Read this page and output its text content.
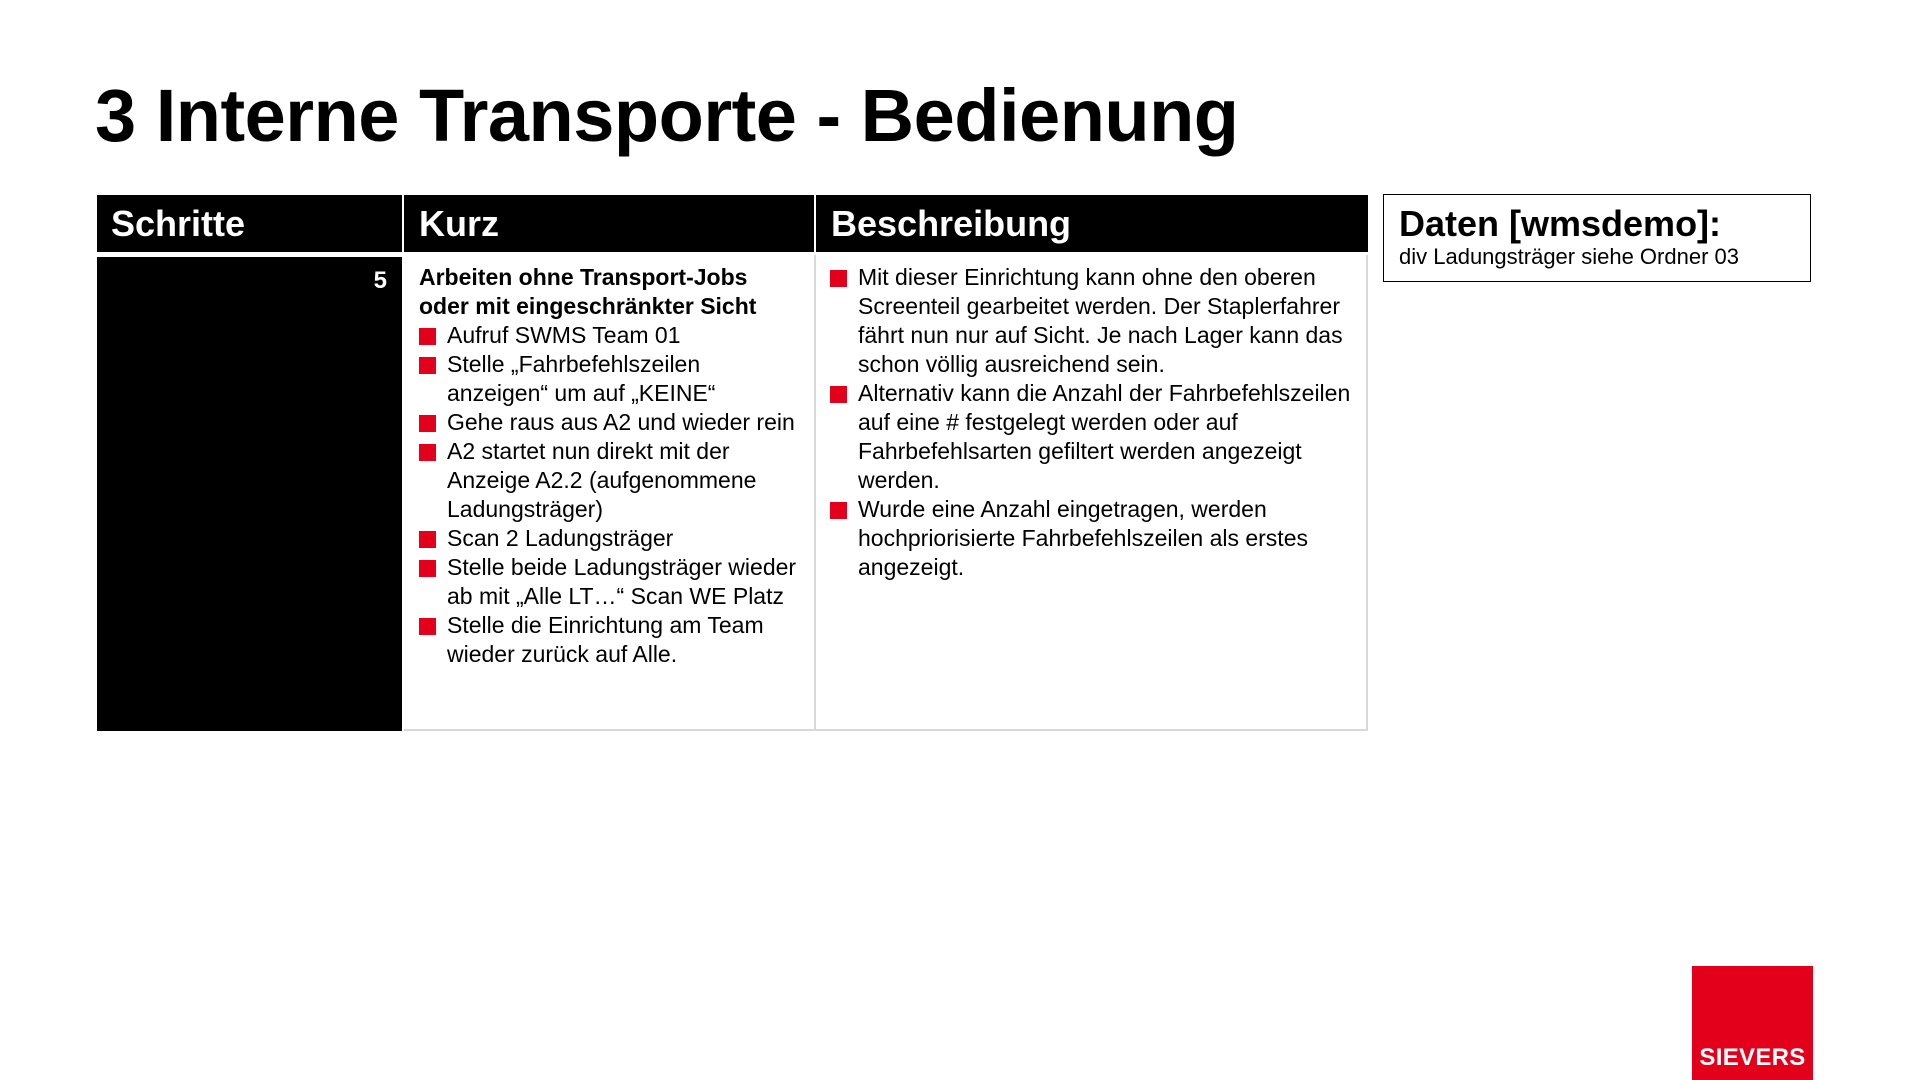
3 Interne Transporte - Bedienung
Schritte	Kurz	Beschreibung
5 Arbeiten ohne Transport-Jobs oder mit eingeschränkter Sicht
Aufruf SWMS Team 01
Stelle „Fahrbefehlszeilen anzeigen“ um auf „KEINE“
Gehe raus aus A2 und wieder rein
A2 startet nun direkt mit der Anzeige A2.2 (aufgenommene Ladungsträger)
Scan 2 Ladungsträger
Stelle beide Ladungsträger wieder ab mit „Alle LT…“ Scan WE Platz
Stelle die Einrichtung am Team wieder zurück auf Alle.
Mit dieser Einrichtung kann ohne den oberen Screenteil gearbeitet werden. Der Staplerfahrer fährt nun nur auf Sicht. Je nach Lager kann das schon völlig ausreichend sein.
Alternativ kann die Anzahl der Fahrbefehlszeilen auf eine # festgelegt werden oder auf Fahrbefehlsarten gefiltert werden angezeigt werden.
Wurde eine Anzahl eingetragen, werden hochpriorisierte Fahrbefehlszeilen als erstes angezeigt.
Daten [wmsdemo]:
div Ladungsträger siehe Ordner 03
SIEVERS
